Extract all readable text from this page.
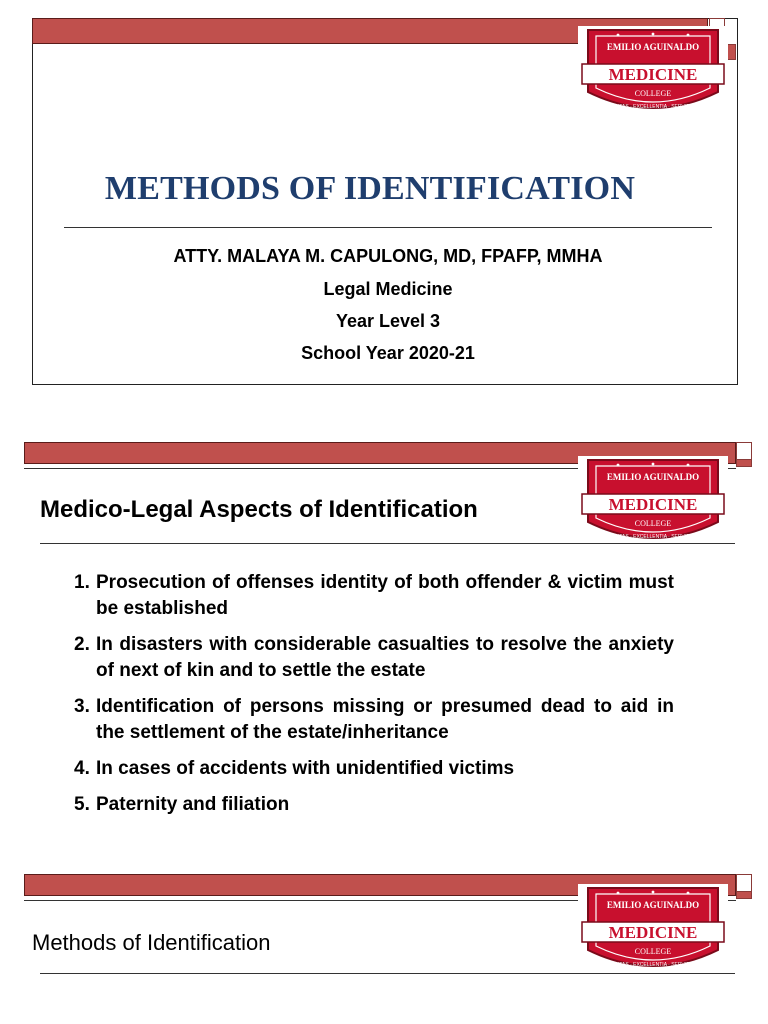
EMILIO AGUINALDO
MEDICINE
COLLEGE
VERITAS · EXCELLENTIA · SERVITIUM
METHODS OF IDENTIFICATION
ATTY. MALAYA M. CAPULONG, MD, FPAFP, MMHA
Legal Medicine
Year Level 3
School Year 2020-21
EMILIO AGUINALDO
MEDICINE
COLLEGE
VERITAS · EXCELLENTIA · SERVITIUM
Medico-Legal Aspects of Identification
1. Prosecution of offenses identity of both offender & victim must be established
2. In disasters with considerable casualties to resolve the anxiety of next of kin and to settle the estate
3. Identification of persons missing or presumed dead to aid in the settlement of the estate/inheritance
4. In cases of accidents with unidentified victims
5. Paternity and filiation
EMILIO AGUINALDO
MEDICINE
COLLEGE
VERITAS · EXCELLENTIA · SERVITIUM
Methods of Identification
